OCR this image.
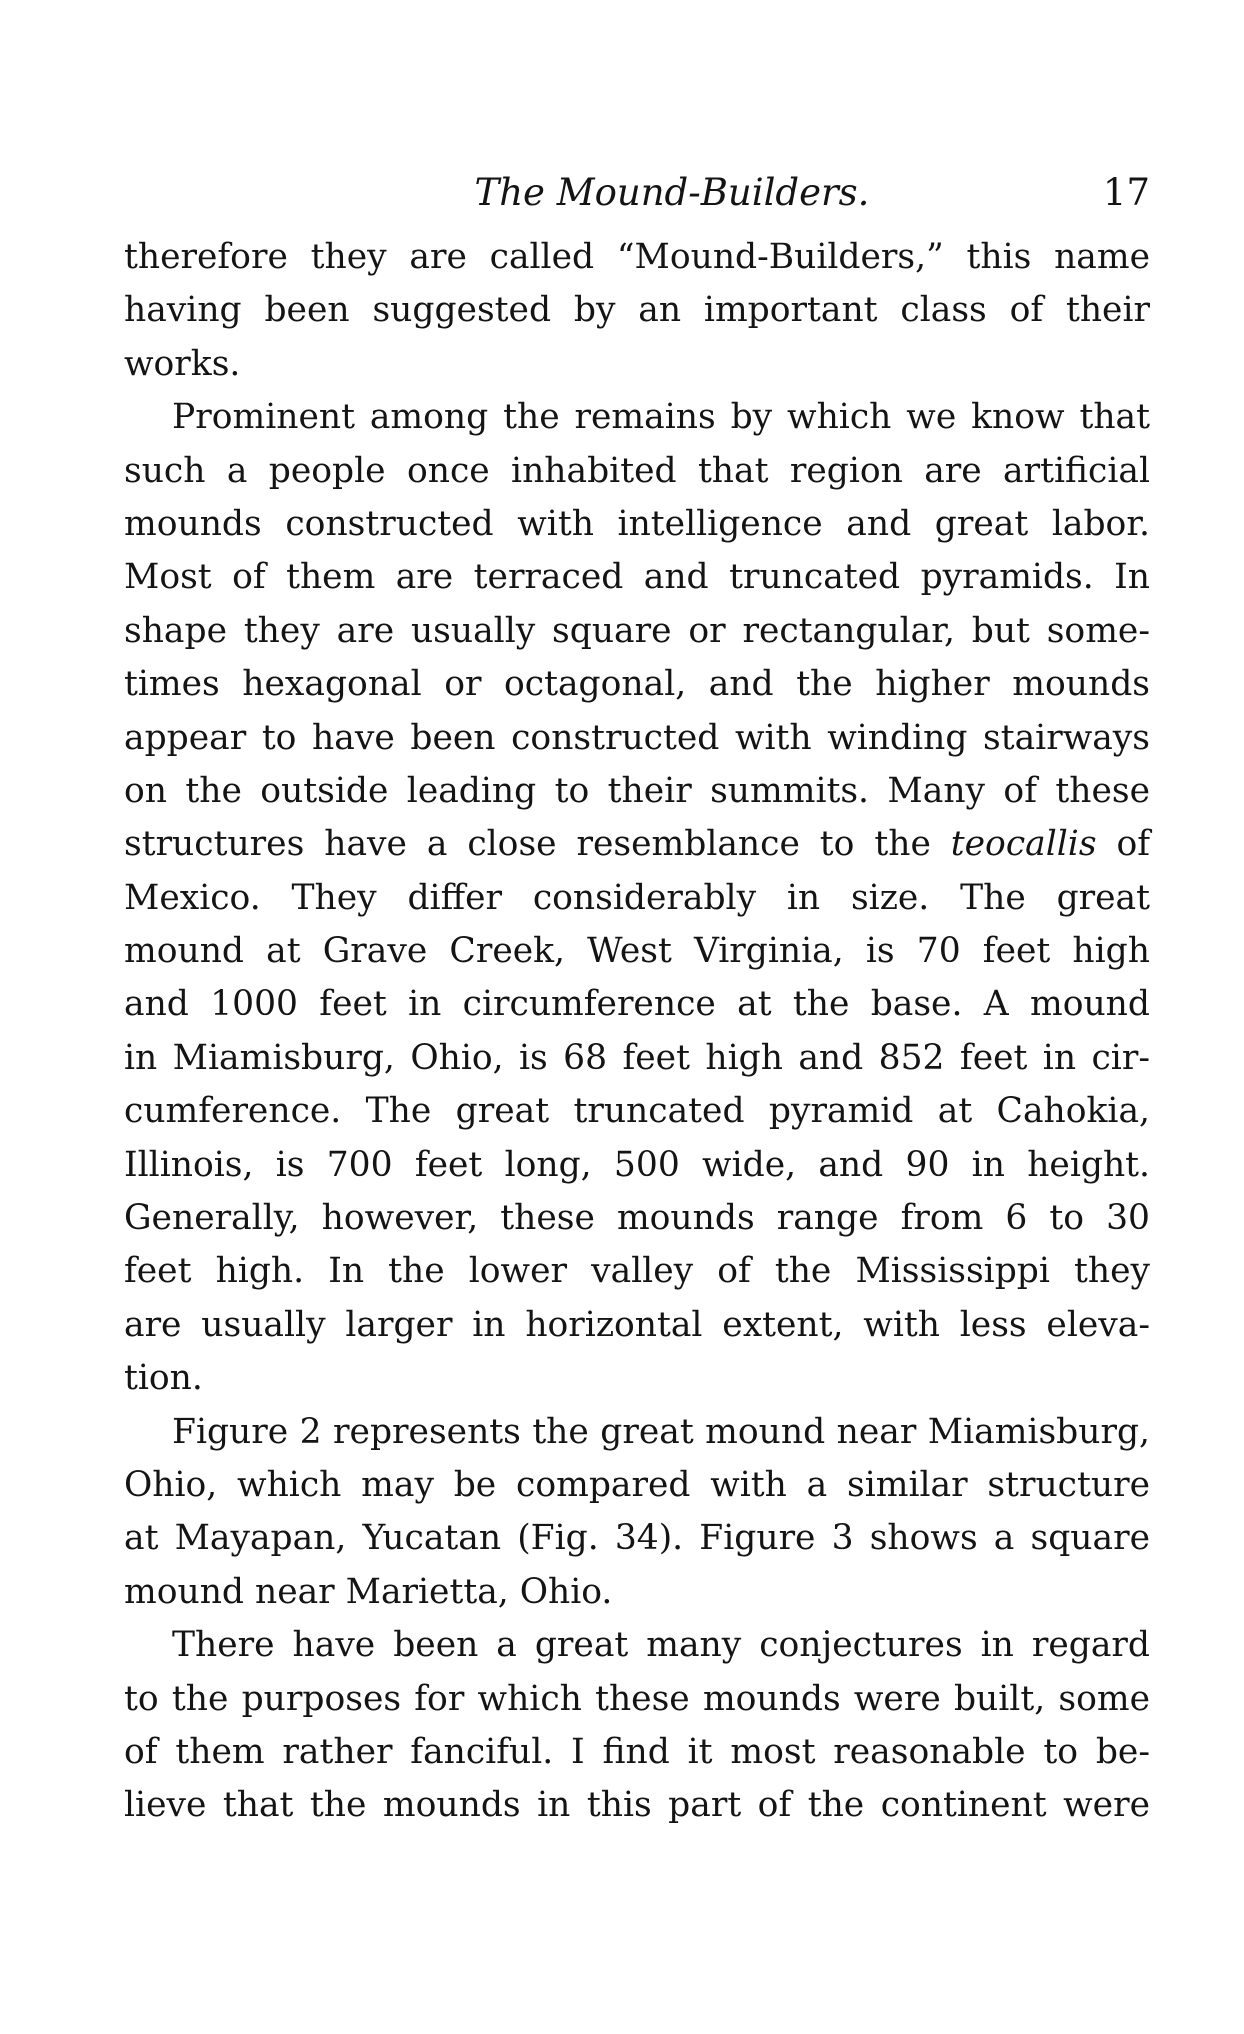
The Mound-Builders.	17
therefore they are called “Mound-Builders,” this name
having been suggested by an important class of their
works.
Prominent among the remains by which we know that
such a people once inhabited that region are artificial
mounds constructed with intelligence and great labor.
Most of them are terraced and truncated pyramids. In
shape they are usually square or rectangular, but some-
times hexagonal or octagonal, and the higher mounds
appear to have been constructed with winding stairways
on the outside leading to their summits. Many of these
structures have a close resemblance to the teocallis of
Mexico. They differ considerably in size. The great
mound at Grave Creek, West Virginia, is 70 feet high
and 1000 feet in circumference at the base. A mound
in Miamisburg, Ohio, is 68 feet high and 852 feet in cir-
cumference. The great truncated pyramid at Cahokia,
Illinois, is 700 feet long, 500 wide, and 90 in height.
Generally, however, these mounds range from 6 to 30
feet high. In the lower valley of the Mississippi they
are usually larger in horizontal extent, with less eleva-
tion.
Figure 2 represents the great mound near Miamisburg,
Ohio, which may be compared with a similar structure
at Mayapan, Yucatan (Fig. 34). Figure 3 shows a square
mound near Marietta, Ohio.
There have been a great many conjectures in regard
to the purposes for which these mounds were built, some
of them rather fanciful. I find it most reasonable to be-
lieve that the mounds in this part of the continent were
